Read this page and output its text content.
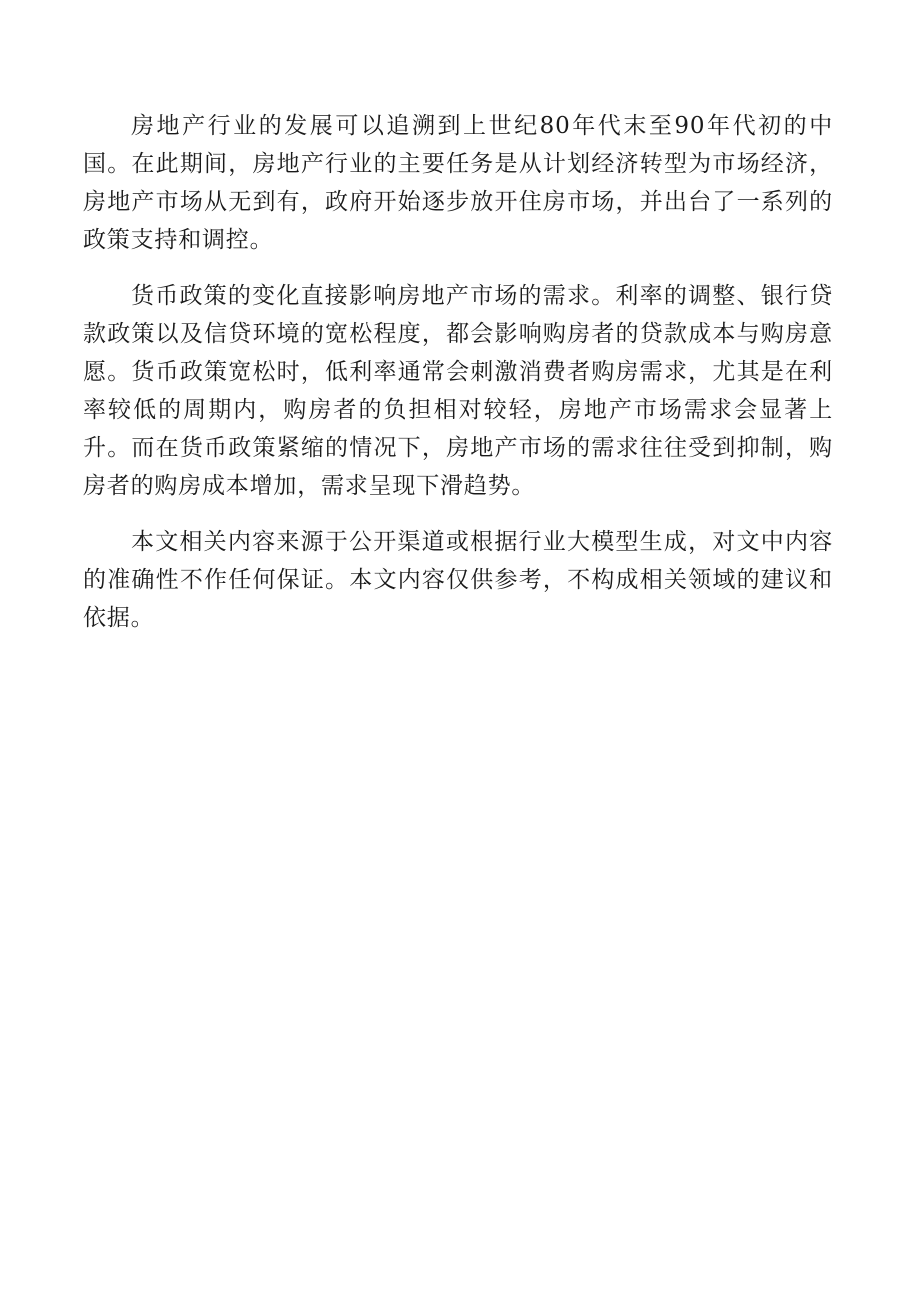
房地产行业的发展可以追溯到上世纪80年代末至90年代初的中国。在此期间，房地产行业的主要任务是从计划经济转型为市场经济，房地产市场从无到有，政府开始逐步放开住房市场，并出台了一系列的政策支持和调控。

货币政策的变化直接影响房地产市场的需求。利率的调整、银行贷款政策以及信贷环境的宽松程度，都会影响购房者的贷款成本与购房意愿。货币政策宽松时，低利率通常会刺激消费者购房需求，尤其是在利率较低的周期内，购房者的负担相对较轻，房地产市场需求会显著上升。而在货币政策紧缩的情况下，房地产市场的需求往往受到抑制，购房者的购房成本增加，需求呈现下滑趋势。

本文相关内容来源于公开渠道或根据行业大模型生成，对文中内容的准确性不作任何保证。本文内容仅供参考，不构成相关领域的建议和依据。
